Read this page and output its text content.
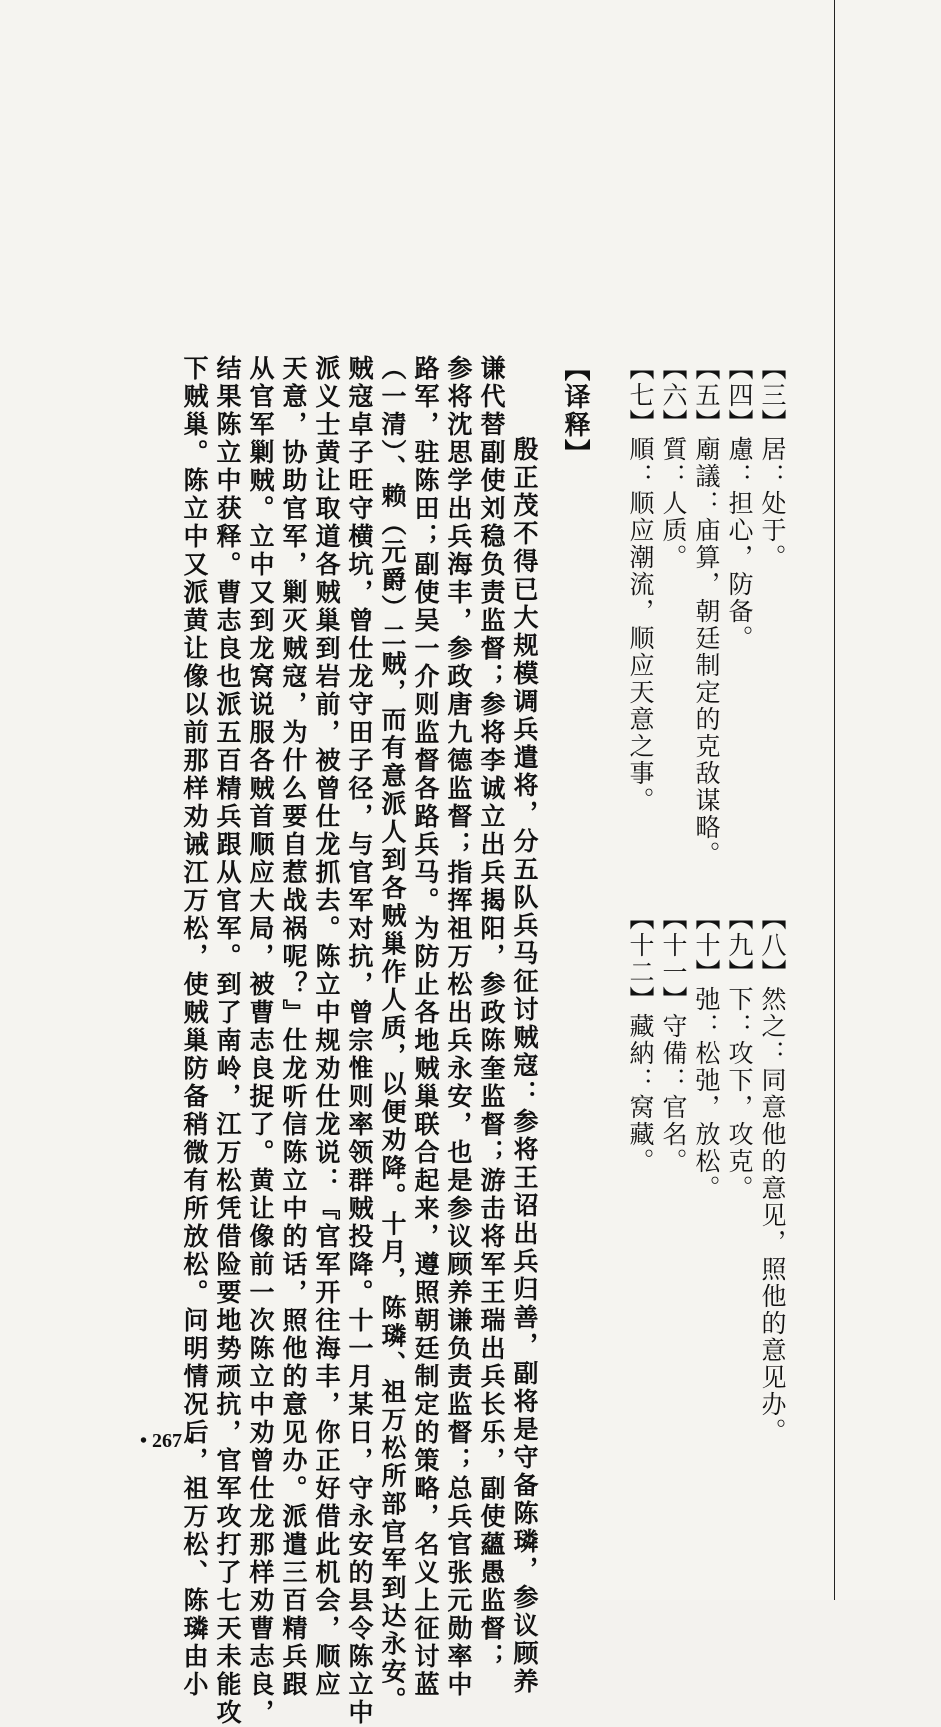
【三】居：处于。
【四】慮：担心，防备。
【五】廟議：庙算，朝廷制定的克敌谋略。
【六】質：人质。
【七】順：顺应潮流，顺应天意之事。
【八】然之：同意他的意见，照他的意见办。
【九】下：攻下，攻克。
【十】弛：松弛，放松。
【十一】守備：官名。
【十二】藏納：窝藏。
【译释】
　　殷正茂不得已大规模调兵遣将，分五队兵马征讨贼寇：参将王诏出兵归善，副将是守备陈璘，参议顾养
谦代替副使刘稳负责监督；参将李诚立出兵揭阳，参政陈奎监督；游击将军王瑞出兵长乐，副使蘊愚监督；
参将沈思学出兵海丰，参政唐九德监督；指挥祖万松出兵永安，也是参议顾养谦负责监督；总兵官张元勋率中
路军，驻陈田；副使吴一介则监督各路兵马。为防止各地贼巢联合起来，遵照朝廷制定的策略，名义上征讨蓝
（一清）、赖（元爵）二贼，而有意派人到各贼巢作人质，以便劝降。十月，陈璘、祖万松所部官军到达永安。
贼寇卓子旺守横坑，曾仕龙守田子径，与官军对抗，曾宗惟则率领群贼投降。十一月某日，守永安的县令陈立中
派义士黄让取道各贼巢到岩前，被曾仕龙抓去。陈立中规劝仕龙说：『官军开往海丰，你正好借此机会，顺应
天意，协助官军，剿灭贼寇，为什么要自惹战祸呢？』仕龙听信陈立中的话，照他的意见办。派遣三百精兵跟
从官军剿贼。立中又到龙窝说服各贼首顺应大局，被曹志良捉了。黄让像前一次陈立中劝曾仕龙那样劝曹志良，
结果陈立中获释。曹志良也派五百精兵跟从官军。到了南岭，江万松凭借险要地势顽抗，官军攻打了七天未能攻
下贼巢。陈立中又派黄让像以前那样劝诫江万松，使贼巢防备稍微有所放松。问明情况后，祖万松、陈璘由小
• 267 •
